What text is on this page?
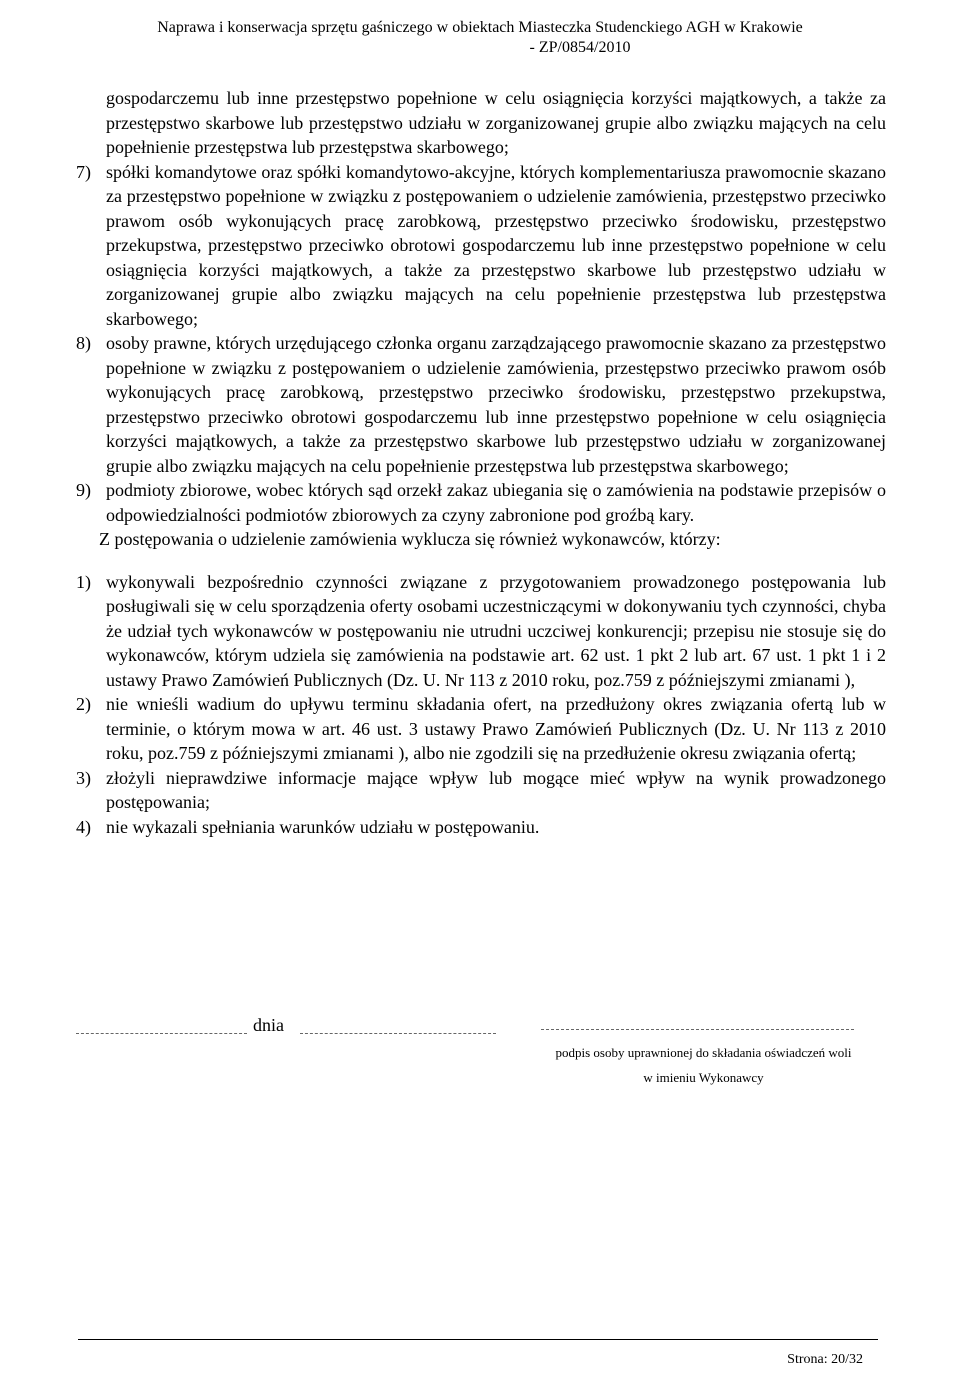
Naprawa i konserwacja sprzętu gaśniczego w obiektach Miasteczka Studenckiego AGH w Krakowie
- ZP/0854/2010
gospodarczemu lub inne przestępstwo popełnione w celu osiągnięcia korzyści majątkowych, a także za przestępstwo skarbowe lub przestępstwo udziału w zorganizowanej grupie albo związku mających na celu popełnienie przestępstwa lub przestępstwa skarbowego;
7) spółki komandytowe oraz spółki komandytowo-akcyjne, których komplementariusza prawomocnie skazano za przestępstwo popełnione w związku z postępowaniem o udzielenie zamówienia, przestępstwo przeciwko prawom osób wykonujących pracę zarobkową, przestępstwo przeciwko środowisku, przestępstwo przekupstwa, przestępstwo przeciwko obrotowi gospodarczemu lub inne przestępstwo popełnione w celu osiągnięcia korzyści majątkowych, a także za przestępstwo skarbowe lub przestępstwo udziału w zorganizowanej grupie albo związku mających na celu popełnienie przestępstwa lub przestępstwa skarbowego;
8) osoby prawne, których urzędującego członka organu zarządzającego prawomocnie skazano za przestępstwo popełnione w związku z postępowaniem o udzielenie zamówienia, przestępstwo przeciwko prawom osób wykonujących pracę zarobkową, przestępstwo przeciwko środowisku, przestępstwo przekupstwa, przestępstwo przeciwko obrotowi gospodarczemu lub inne przestępstwo popełnione w celu osiągnięcia korzyści majątkowych, a także za przestępstwo skarbowe lub przestępstwo udziału w zorganizowanej grupie albo związku mających na celu popełnienie przestępstwa lub przestępstwa skarbowego;
9) podmioty zbiorowe, wobec których sąd orzekł zakaz ubiegania się o zamówienia na podstawie przepisów o odpowiedzialności podmiotów zbiorowych za czyny zabronione pod groźbą kary.
Z postępowania o udzielenie zamówienia wyklucza się również wykonawców, którzy:
1) wykonywali bezpośrednio czynności związane z przygotowaniem prowadzonego postępowania lub posługiwali się w celu sporządzenia oferty osobami uczestniczącymi w dokonywaniu tych czynności, chyba że udział tych wykonawców w postępowaniu nie utrudni uczciwej konkurencji; przepisu nie stosuje się do wykonawców, którym udziela się zamówienia na podstawie art. 62 ust. 1 pkt 2 lub art. 67 ust. 1 pkt 1 i 2 ustawy Prawo Zamówień Publicznych (Dz. U. Nr 113 z 2010 roku, poz.759 z późniejszymi zmianami ),
2) nie wnieśli wadium do upływu terminu składania ofert, na przedłużony okres związania ofertą lub w terminie, o którym mowa w art. 46 ust. 3 ustawy Prawo Zamówień Publicznych (Dz. U. Nr 113 z 2010 roku, poz.759 z późniejszymi zmianami ), albo nie zgodzili się na przedłużenie okresu związania ofertą;
3) złożyli nieprawdziwe informacje mające wpływ lub mogące mieć wpływ na wynik prowadzonego postępowania;
4) nie wykazali spełniania warunków udziału w postępowaniu.
dnia
podpis osoby uprawnionej do składania oświadczeń woli
w imieniu Wykonawcy
Strona: 20/32
